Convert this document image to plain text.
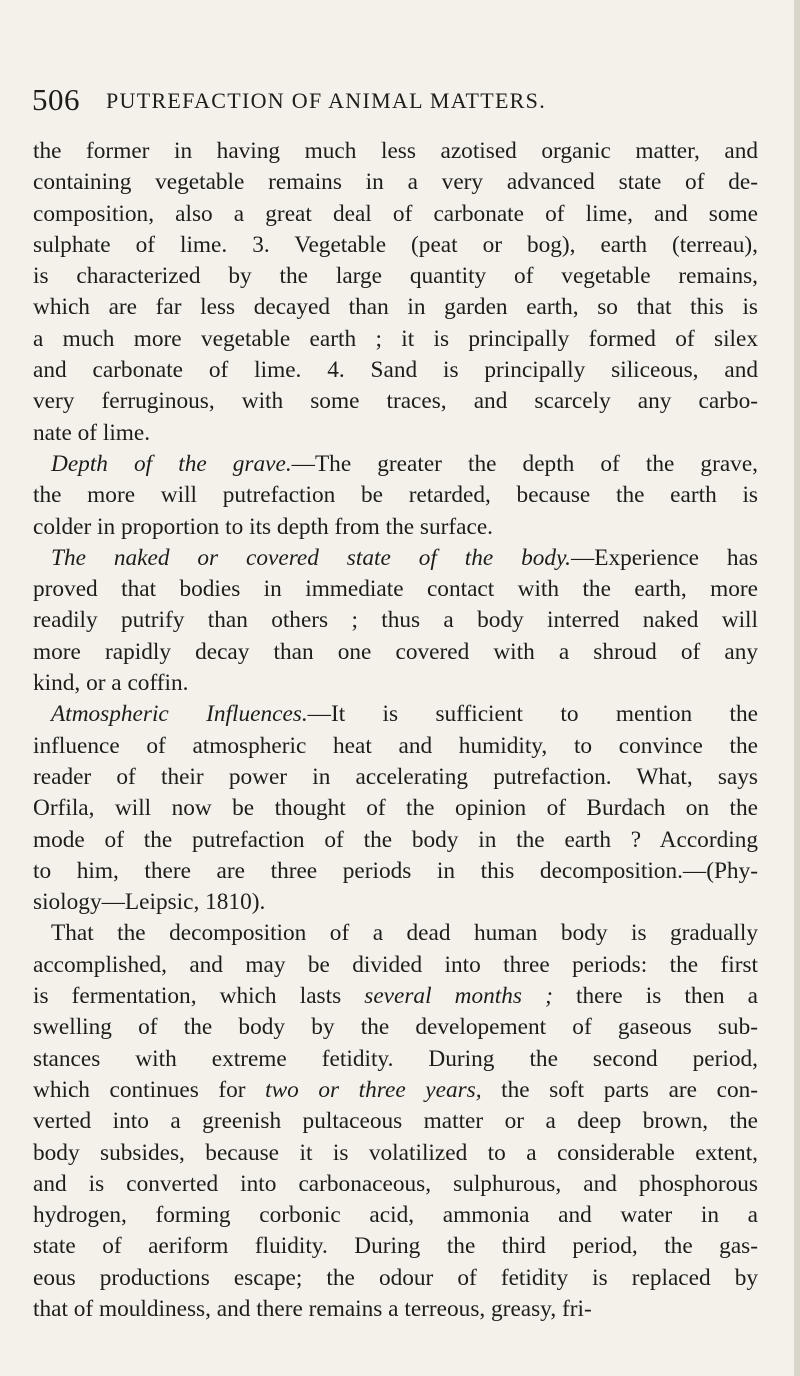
506 PUTREFACTION OF ANIMAL MATTERS.
the former in having much less azotised organic matter, and
containing vegetable remains in a very advanced state of de-
composition, also a great deal of carbonate of lime, and some
sulphate of lime. 3. Vegetable (peat or bog), earth (terreau),
is characterized by the large quantity of vegetable remains,
which are far less decayed than in garden earth, so that this is
a much more vegetable earth ; it is principally formed of silex
and carbonate of lime. 4. Sand is principally siliceous, and
very ferruginous, with some traces, and scarcely any carbo-
nate of lime.
Depth of the grave.—The greater the depth of the grave,
the more will putrefaction be retarded, because the earth is
colder in proportion to its depth from the surface.
The naked or covered state of the body.—Experience has
proved that bodies in immediate contact with the earth, more
readily putrify than others ; thus a body interred naked will
more rapidly decay than one covered with a shroud of any
kind, or a coffin.
Atmospheric Influences.—It is sufficient to mention the
influence of atmospheric heat and humidity, to convince the
reader of their power in accelerating putrefaction. What, says
Orfila, will now be thought of the opinion of Burdach on the
mode of the putrefaction of the body in the earth ? According
to him, there are three periods in this decomposition.—(Phy-
siology—Leipsic, 1810).
That the decomposition of a dead human body is gradually
accomplished, and may be divided into three periods: the first
is fermentation, which lasts several months ; there is then a
swelling of the body by the developement of gaseous sub-
stances with extreme fetidity. During the second period,
which continues for two or three years, the soft parts are con-
verted into a greenish pultaceous matter or a deep brown, the
body subsides, because it is volatilized to a considerable extent,
and is converted into carbonaceous, sulphurous, and phosphorous
hydrogen, forming corbonic acid, ammonia and water in a
state of aeriform fluidity. During the third period, the gas-
eous productions escape; the odour of fetidity is replaced by
that of mouldiness, and there remains a terreous, greasy, fri-
